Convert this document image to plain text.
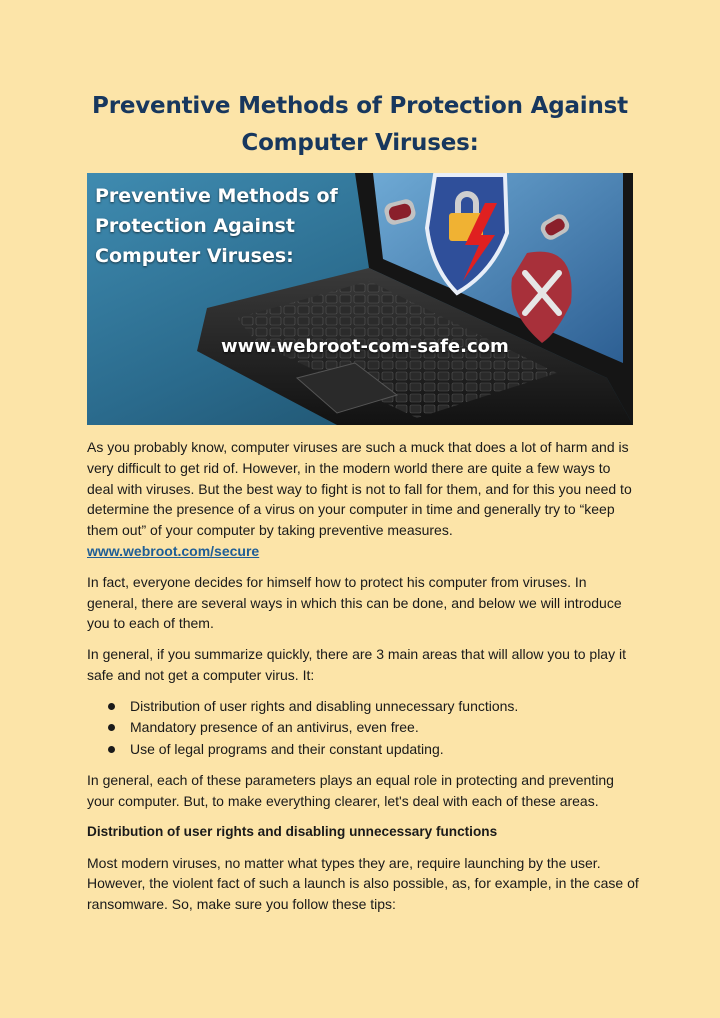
Preventive Methods of Protection Against
Computer Viruses:
Preventive Methods of
Protection Against
Computer Viruses:
www.webroot-com-safe.com

As you probably know, computer viruses are such a muck that does a lot of harm and is very difficult to get rid of. However, in the modern world there are quite a few ways to deal with viruses. But the best way to fight is not to fall for them, and for this you need to determine the presence of a virus on your computer in time and generally try to “keep them out” of your computer by taking preventive measures.
www.webroot.com/secure

In fact, everyone decides for himself how to protect his computer from viruses. In general, there are several ways in which this can be done, and below we will introduce you to each of them.

In general, if you summarize quickly, there are 3 main areas that will allow you to play it safe and not get a computer virus. It:

Distribution of user rights and disabling unnecessary functions.
Mandatory presence of an antivirus, even free.
Use of legal programs and their constant updating.

In general, each of these parameters plays an equal role in protecting and preventing your computer. But, to make everything clearer, let's deal with each of these areas.

Distribution of user rights and disabling unnecessary functions

Most modern viruses, no matter what types they are, require launching by the user. However, the violent fact of such a launch is also possible, as, for example, in the case of ransomware. So, make sure you follow these tips:
